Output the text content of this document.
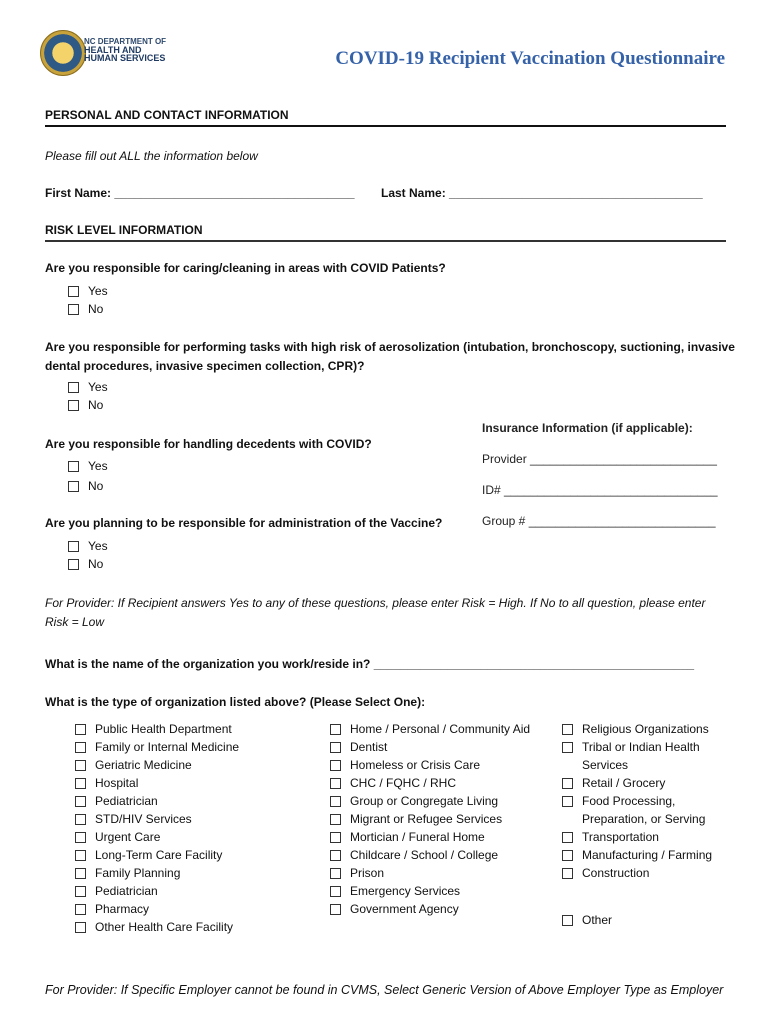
NC DEPARTMENT OF
HEALTH AND
HUMAN SERVICES	COVID-19 Recipient Vaccination Questionnaire
PERSONAL AND CONTACT INFORMATION
Please fill out ALL the information below
First Name: ____________________________________ Last Name: ______________________________________
RISK LEVEL INFORMATION
Are you responsible for caring/cleaning in areas with COVID Patients?
Yes
No
Are you responsible for performing tasks with high risk of aerosolization (intubation, bronchoscopy, suctioning, invasive dental procedures, invasive specimen collection, CPR)?
Yes
No
Are you responsible for handling decedents with COVID?
Yes
No
Are you planning to be responsible for administration of the Vaccine?
Yes
No
Insurance Information (if applicable):
Provider ____________________________
ID# ________________________________
Group # ____________________________
For Provider: If Recipient answers Yes to any of these questions, please enter Risk = High. If No to all question, please enter Risk = Low
What is the name of the organization you work/reside in? ________________________________________________
What is the type of organization listed above? (Please Select One):
Public Health Department
Family or Internal Medicine
Geriatric Medicine
Hospital
Pediatrician
STD/HIV Services
Urgent Care
Long-Term Care Facility
Family Planning
Pediatrician
Pharmacy
Other Health Care Facility
Home / Personal / Community Aid
Dentist
Homeless or Crisis Care
CHC / FQHC / RHC
Group or Congregate Living
Migrant or Refugee Services
Mortician / Funeral Home
Childcare / School / College
Prison
Emergency Services
Government Agency
Religious Organizations
Tribal or Indian Health Services
Retail / Grocery
Food Processing, Preparation, or Serving
Transportation
Manufacturing / Farming
Construction
Other
For Provider: If Specific Employer cannot be found in CVMS, Select Generic Version of Above Employer Type as Employer
